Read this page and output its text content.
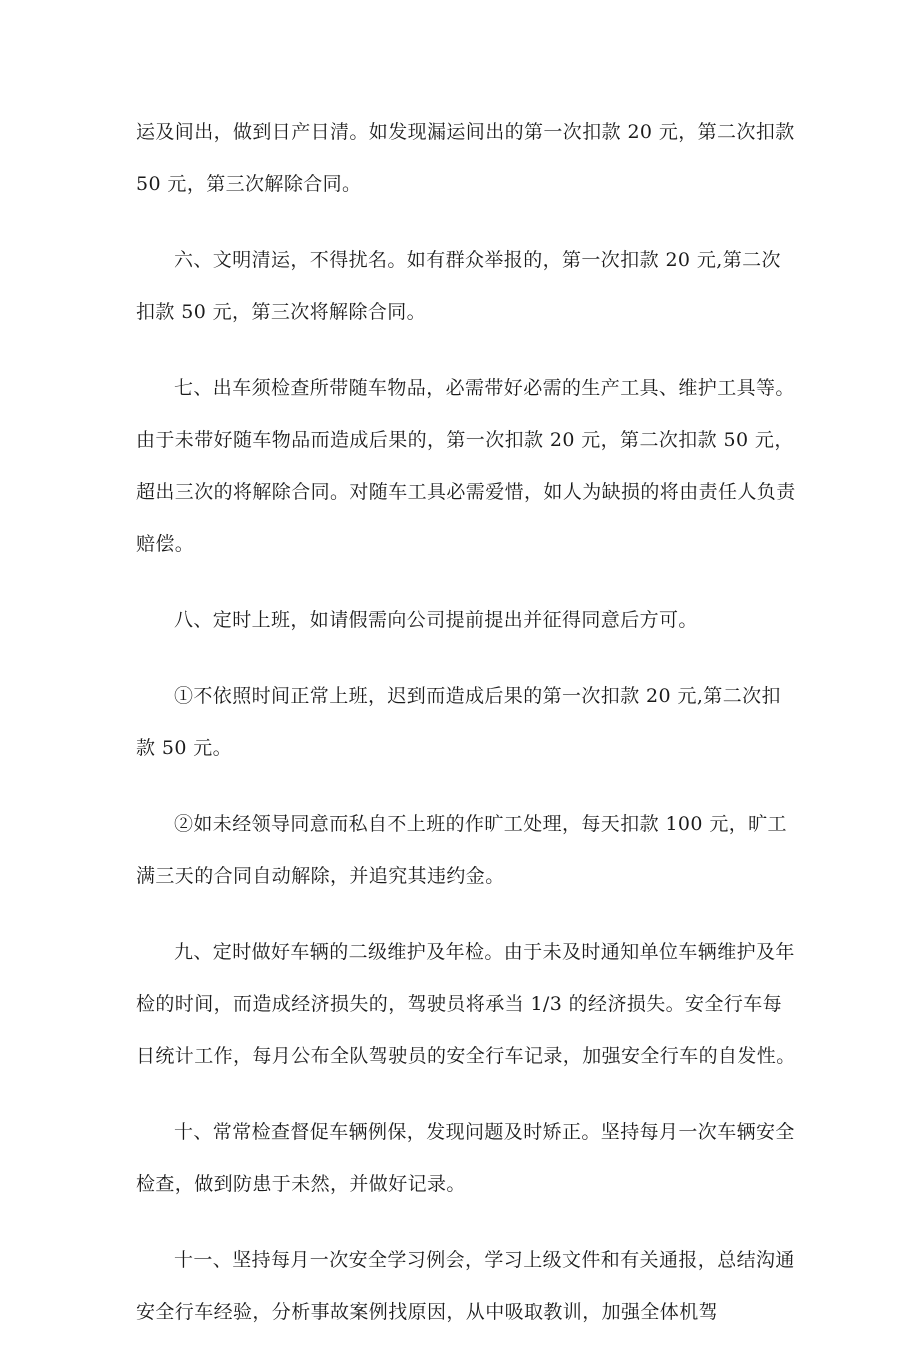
运及间出，做到日产日清。如发现漏运间出的第一次扣款 20 元，第二次扣款 50 元，第三次解除合同。

六、文明清运，不得扰名。如有群众举报的，第一次扣款 20 元,第二次扣款 50 元，第三次将解除合同。

七、出车须检查所带随车物品，必需带好必需的生产工具、维护工具等。由于未带好随车物品而造成后果的，第一次扣款 20 元，第二次扣款 50 元，超出三次的将解除合同。对随车工具必需爱惜，如人为缺损的将由责任人负责赔偿。

八、定时上班，如请假需向公司提前提出并征得同意后方可。

①不依照时间正常上班，迟到而造成后果的第一次扣款 20 元,第二次扣款 50 元。

②如未经领导同意而私自不上班的作旷工处理，每天扣款 100 元，旷工满三天的合同自动解除，并追究其违约金。

九、定时做好车辆的二级维护及年检。由于未及时通知单位车辆维护及年检的时间，而造成经济损失的，驾驶员将承当 1/3 的经济损失。安全行车每日统计工作，每月公布全队驾驶员的安全行车记录，加强安全行车的自发性。

十、常常检查督促车辆例保，发现问题及时矫正。坚持每月一次车辆安全检查，做到防患于未然，并做好记录。

十一、坚持每月一次安全学习例会，学习上级文件和有关通报，总结沟通安全行车经验，分析事故案例找原因，从中吸取教训，加强全体机驾
